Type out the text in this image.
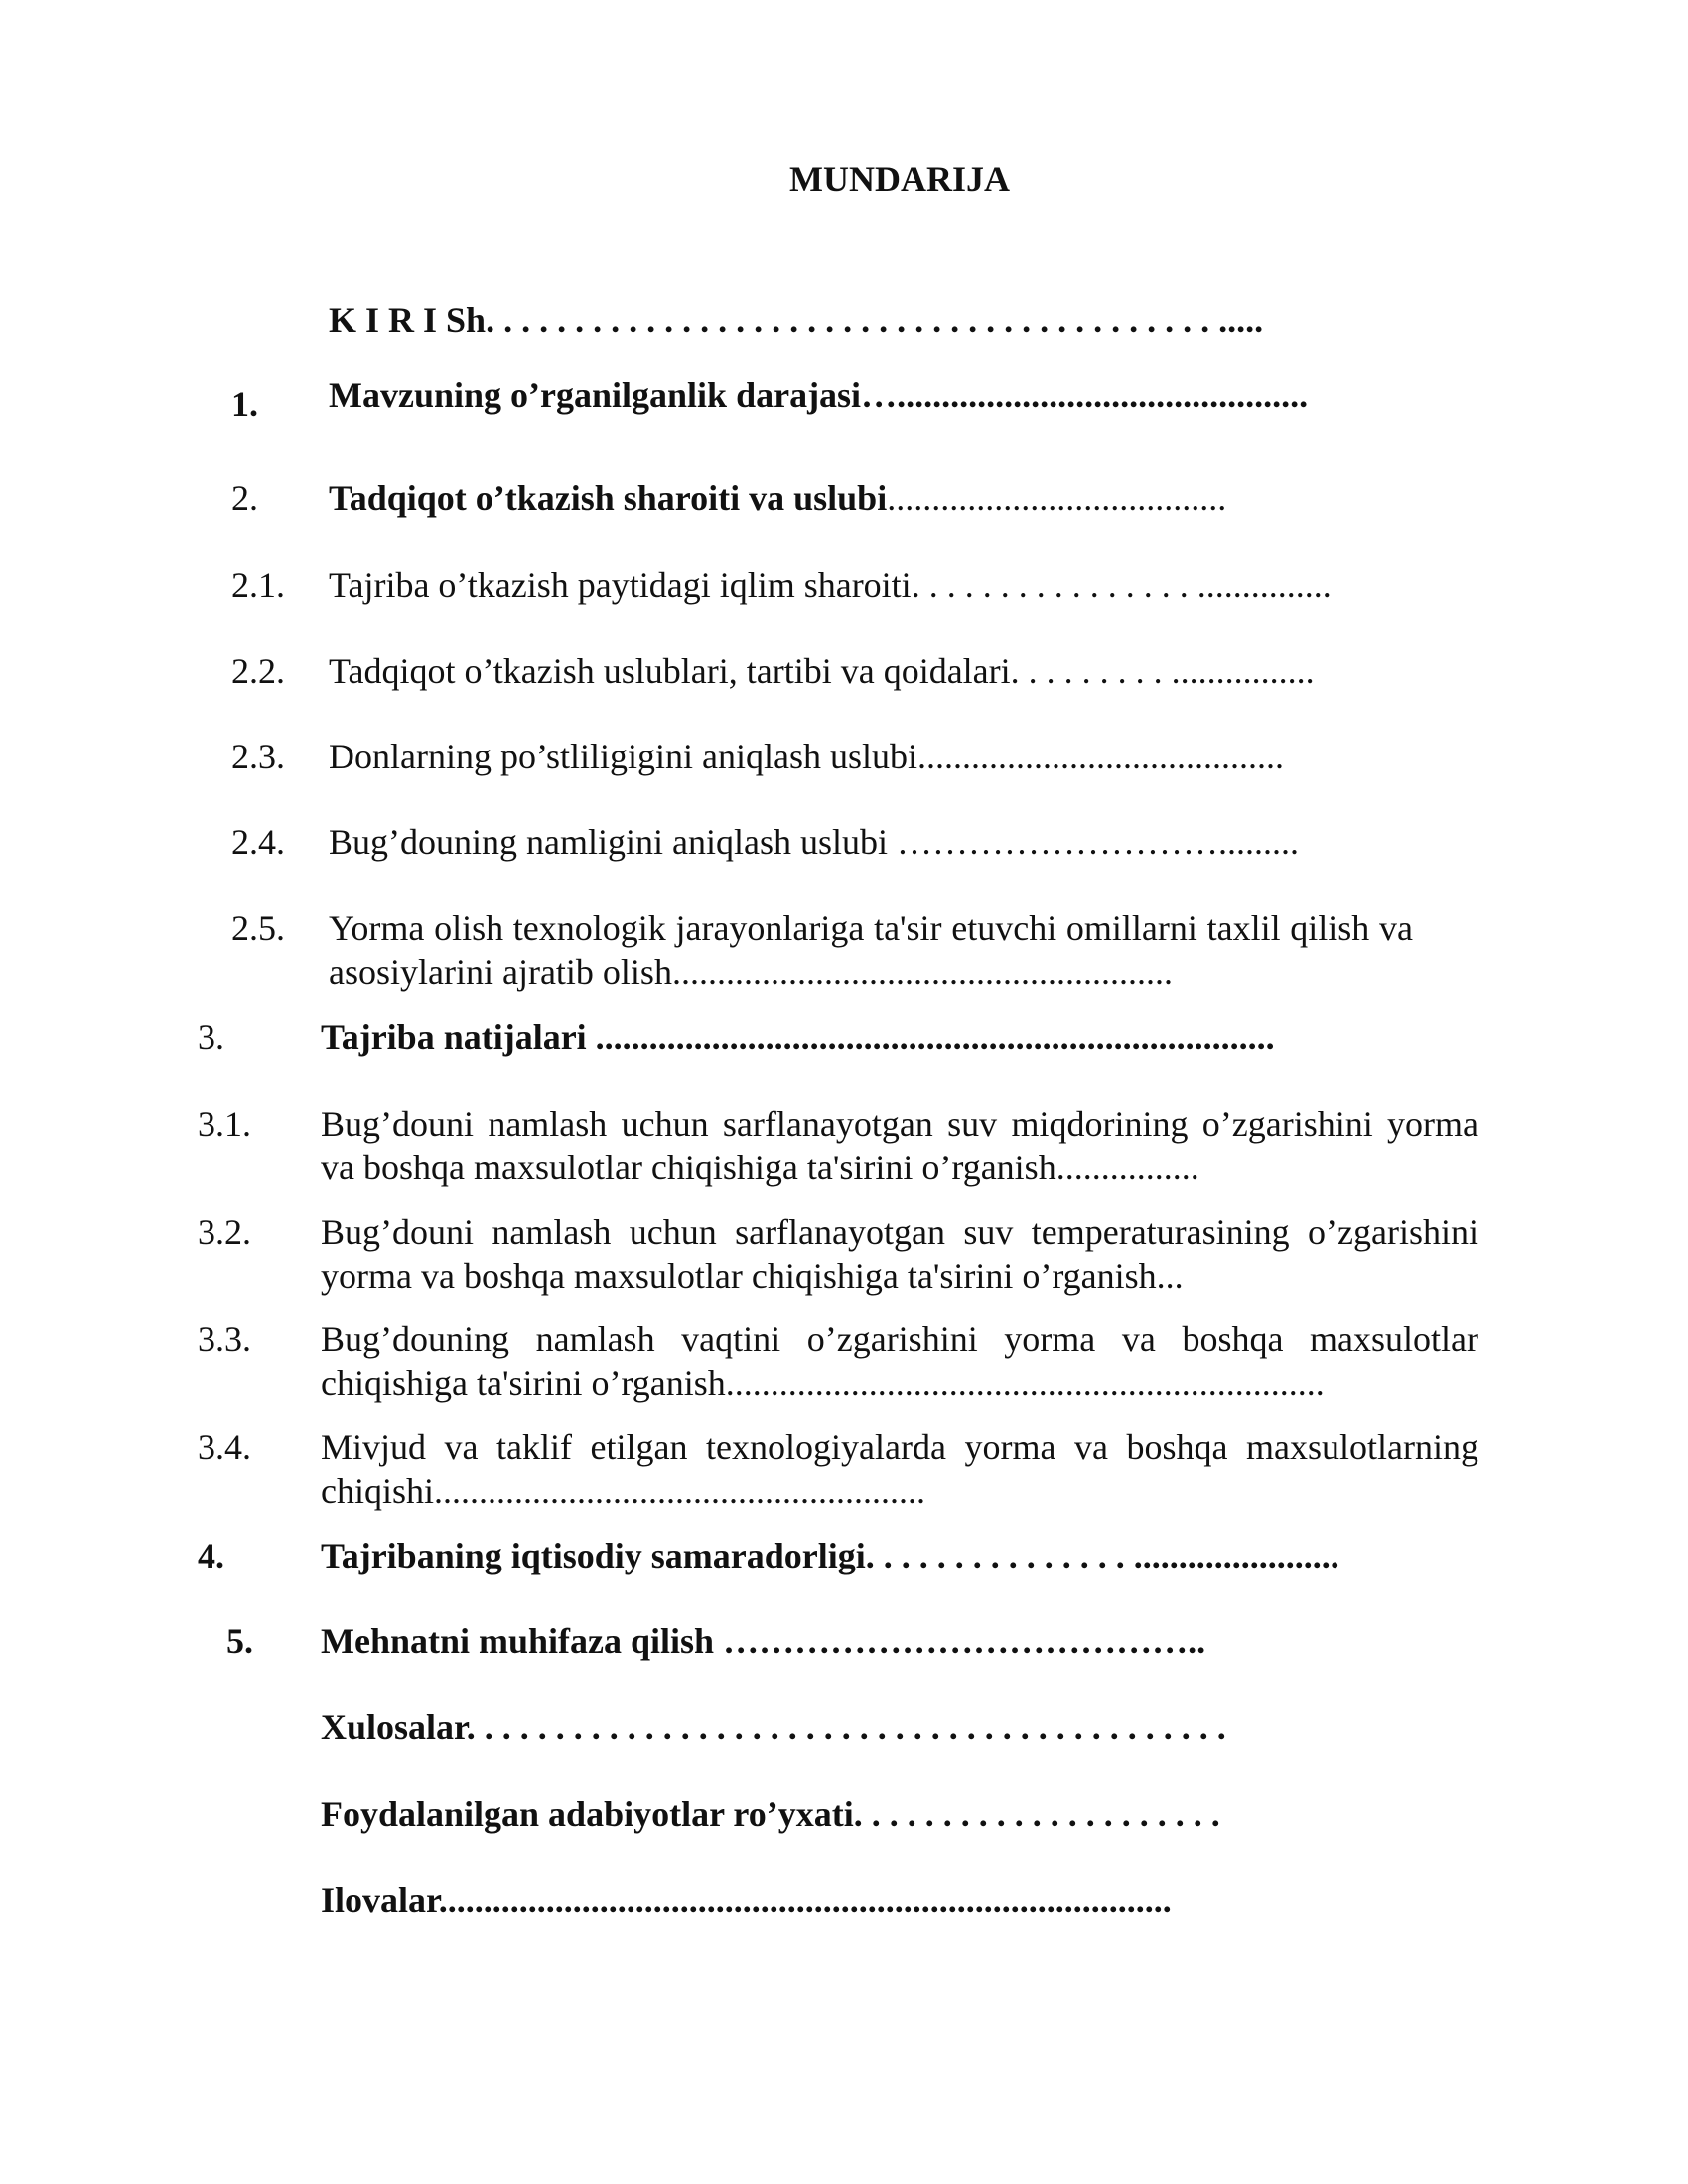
MUNDARIJA
K I R I Sh. . . . . . . . . . . . . . . . . . . . . . . . . . . . . . . . . . . . . . . . . .....
1. Mavzuning o’rganilganlik darajasi…..............................................
2. Tadqiqot o’tkazish sharoiti va uslubi......................................
2.1. Tajriba o’tkazish paytidagi iqlim sharoiti. . . . . . . . . . . . . . . . ...............
2.2. Tadqiqot o’tkazish uslublari, tartibi va qoidalari. . . . . . . . . ................
2.3. Donlarning po’stliligigini aniqlash uslubi.........................................
2.4. Bug’douning namligini aniqlash uslubi ……………………….........
2.5. Yorma olish texnologik jarayonlariga ta'sir etuvchi omillarni taxlil qilish va asosiylarini ajratib olish........................................................
3.	Tajriba natijalari ............................................................................
3.1. Bug’douni namlash uchun sarflanayotgan suv miqdorining o’zgarishini yorma va boshqa maxsulotlar chiqishiga ta'sirini o’rganish................
3.2. Bug’douni namlash uchun sarflanayotgan suv temperaturasining o’zgarishini yorma va boshqa maxsulotlar chiqishiga ta'sirini o’rganish...
3.3. Bug’douning namlash vaqtini o’zgarishini yorma va boshqa maxsulotlar chiqishiga ta'sirini o’rganish...................................................................
3.4. Mivjud va taklif etilgan texnologiyalarda yorma va boshqa maxsulotlarning chiqishi.......................................................
4.	Tajribaning iqtisodiy samaradorligi. . . . . . . . . . . . . . . .......................
5. Mehnatni muhifaza qilish …………………………………..
Xulosalar. . . . . . . . . . . . . . . . . . . . . . . . . . . . . . . . . . . . . . . . . . .
Foydalanilgan adabiyotlar ro’yxati. . . . . . . . . . . . . . . . . . . . .
Ilovalar..................................................................................
